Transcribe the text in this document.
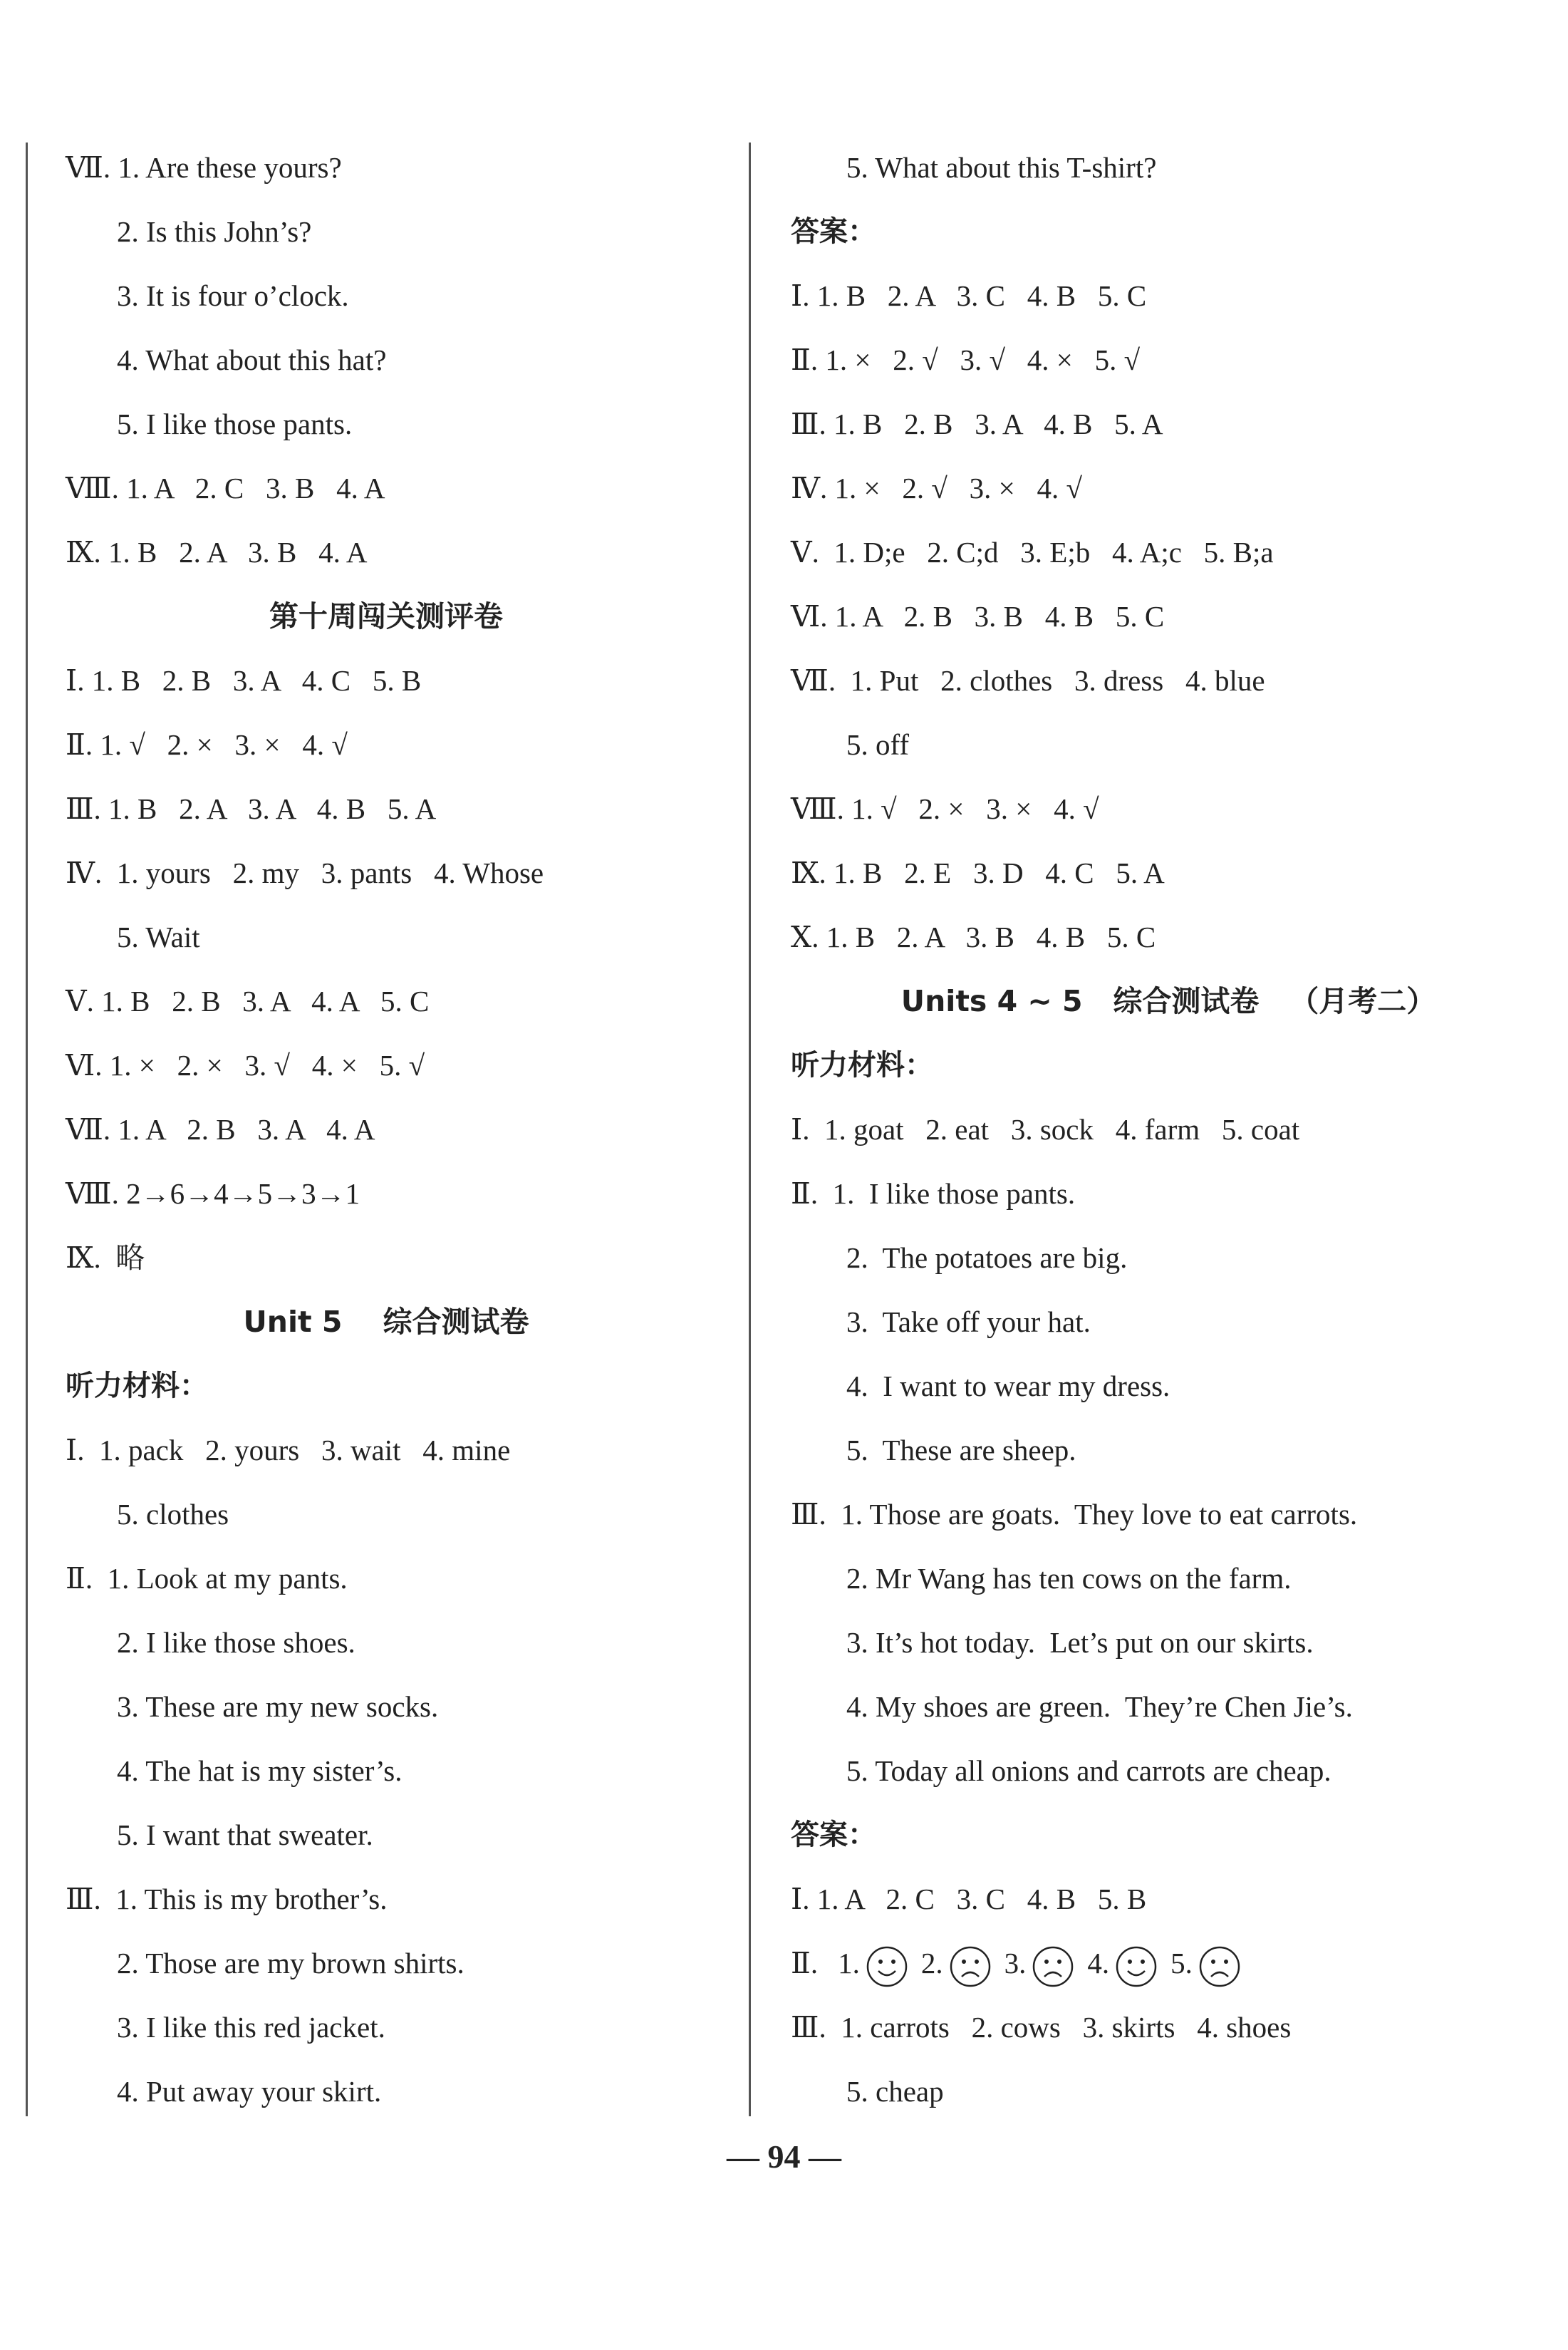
Ⅶ. 1. Are these yours?
2. Is this John’s?
3. It is four o’clock.
4. What about this hat?
5. I like those pants.
Ⅷ. 1. A   2. C   3. B   4. A
Ⅸ. 1. B   2. A   3. B   4. A
第十周闯关测评卷
Ⅰ. 1. B   2. B   3. A   4. C   5. B
Ⅱ. 1. √   2. ×   3. ×   4. √
Ⅲ. 1. B   2. A   3. A   4. B   5. A
Ⅳ.  1. yours   2. my   3. pants   4. Whose
5. Wait
Ⅴ. 1. B   2. B   3. A   4. A   5. C
Ⅵ. 1. ×   2. ×   3. √   4. ×   5. √
Ⅶ. 1. A   2. B   3. A   4. A
Ⅷ. 2→6→4→5→3→1
Ⅸ.  略
Unit 5    综合测试卷
听力材料：
Ⅰ.  1. pack   2. yours   3. wait   4. mine
5. clothes
Ⅱ.  1. Look at my pants.
2. I like those shoes.
3. These are my new socks.
4. The hat is my sister’s.
5. I want that sweater.
Ⅲ.  1. This is my brother’s.
2. Those are my brown shirts.
3. I like this red jacket.
4. Put away your skirt.
5. What about this T-shirt?
答案：
Ⅰ. 1. B   2. A   3. C   4. B   5. C
Ⅱ. 1. ×   2. √   3. √   4. ×   5. √
Ⅲ. 1. B   2. B   3. A   4. B   5. A
Ⅳ. 1. ×   2. √   3. ×   4. √
Ⅴ.  1. D;e   2. C;d   3. E;b   4. A;c   5. B;a
Ⅵ. 1. A   2. B   3. B   4. B   5. C
Ⅶ.  1. Put   2. clothes   3. dress   4. blue
5. off
Ⅷ. 1. √   2. ×   3. ×   4. √
Ⅸ. 1. B   2. E   3. D   4. C   5. A
Ⅹ. 1. B   2. A   3. B   4. B   5. C
Units 4 ~ 5   综合测试卷   （月考二）
听力材料：
Ⅰ.  1. goat   2. eat   3. sock   4. farm   5. coat
Ⅱ.  1.  I like those pants.
2.  The potatoes are big.
3.  Take off your hat.
4.  I want to wear my dress.
5.  These are sheep.
Ⅲ.  1. Those are goats.  They love to eat carrots.
2. Mr Wang has ten cows on the farm.
3. It’s hot today.  Let’s put on our skirts.
4. My shoes are green.  They’re Chen Jie’s.
5. Today all onions and carrots are cheap.
答案：
Ⅰ. 1. A   2. C   3. C   4. B   5. B
Ⅱ. 1. 2. 3. 4. 5.
Ⅲ.  1. carrots   2. cows   3. skirts   4. shoes
5. cheap
— 94 —
